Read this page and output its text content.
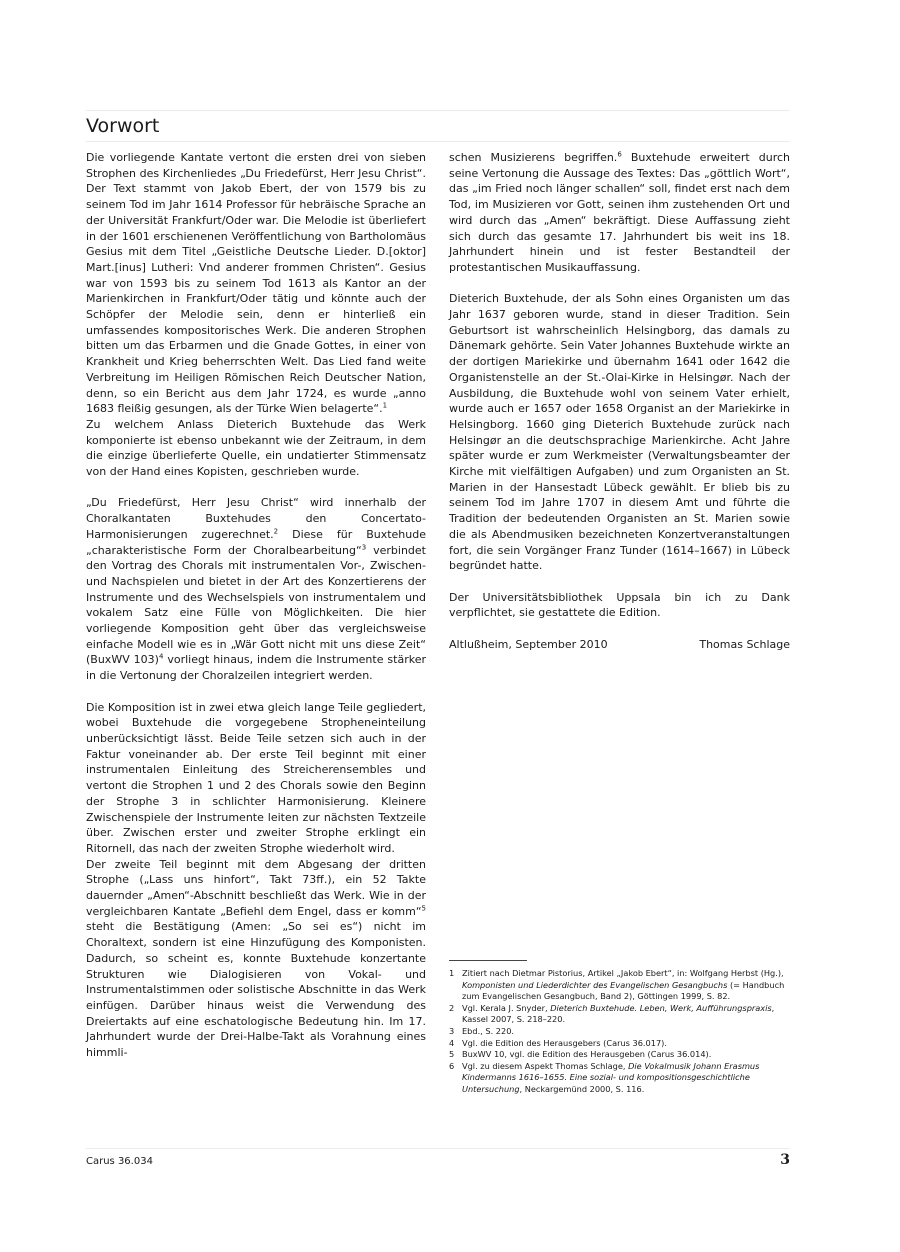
Vorwort

Die vorliegende Kantate vertont die ersten drei von sieben Strophen des Kirchenliedes „Du Friedefürst, Herr Jesu Christ“. Der Text stammt von Jakob Ebert, der von 1579 bis zu seinem Tod im Jahr 1614 Professor für hebräische Sprache an der Universität Frankfurt/Oder war. Die Melodie ist überliefert in der 1601 erschienenen Veröffentlichung von Bartholomäus Gesius mit dem Titel „Geistliche Deutsche Lieder. D.[oktor] Mart.[inus] Lutheri: Vnd anderer frommen Christen“. Gesius war von 1593 bis zu seinem Tod 1613 als Kantor an der Marienkirchen in Frankfurt/Oder tätig und könnte auch der Schöpfer der Melodie sein, denn er hinterließ ein umfassendes kompositorisches Werk. Die anderen Strophen bitten um das Erbarmen und die Gnade Gottes, in einer von Krankheit und Krieg beherrschten Welt. Das Lied fand weite Verbreitung im Heiligen Römischen Reich Deutscher Nation, denn, so ein Bericht aus dem Jahr 1724, es wurde „anno 1683 fleißig gesungen, als der Türke Wien belagerte“.$^1$

Zu welchem Anlass Dieterich Buxtehude das Werk komponierte ist ebenso unbekannt wie der Zeitraum, in dem die einzige überlieferte Quelle, ein undatierter Stimmensatz von der Hand eines Kopisten, geschrieben wurde.

„Du Friedefürst, Herr Jesu Christ“ wird innerhalb der Choralkantaten Buxtehudes den Concertato-Harmonisierungen zugerechnet.$^2$ Diese für Buxtehude „charakteristische Form der Choralbearbeitung“$^3$ verbindet den Vortrag des Chorals mit instrumentalen Vor-, Zwischen- und Nachspielen und bietet in der Art des Konzertierens der Instrumente und des Wechselspiels von instrumentalem und vokalem Satz eine Fülle von Möglichkeiten. Die hier vorliegende Komposition geht über das vergleichsweise einfache Modell wie es in „Wär Gott nicht mit uns diese Zeit“ (BuxWV 103)$^4$ vorliegt hinaus, indem die Instrumente stärker in die Vertonung der Choralzeilen integriert werden.

Die Komposition ist in zwei etwa gleich lange Teile gegliedert, wobei Buxtehude die vorgegebene Stropheneinteilung unberücksichtigt lässt. Beide Teile setzen sich auch in der Faktur voneinander ab. Der erste Teil beginnt mit einer instrumentalen Einleitung des Streicherensembles und vertont die Strophen 1 und 2 des Chorals sowie den Beginn der Strophe 3 in schlichter Harmonisierung. Kleinere Zwischenspiele der Instrumente leiten zur nächsten Textzeile über. Zwischen erster und zweiter Strophe erklingt ein Ritornell, das nach der zweiten Strophe wiederholt wird.

Der zweite Teil beginnt mit dem Abgesang der dritten Strophe („Lass uns hinfort“, Takt 73ff.), ein 52 Takte dauernder „Amen“-Abschnitt beschließt das Werk. Wie in der vergleichbaren Kantate „Befiehl dem Engel, dass er komm“$^5$ steht die Bestätigung (Amen: „So sei es“) nicht im Choraltext, sondern ist eine Hinzufügung des Komponisten. Dadurch, so scheint es, konnte Buxtehude konzertante Strukturen wie Dialogisieren von Vokal- und Instrumentalstimmen oder solistische Abschnitte in das Werk einfügen. Darüber hinaus weist die Verwendung des Dreiertakts auf eine eschatologische Bedeutung hin. Im 17. Jahrhundert wurde der Drei-Halbe-Takt als Vorahnung eines himmli-

schen Musizierens begriffen.$^6$ Buxtehude erweitert durch seine Vertonung die Aussage des Textes: Das „göttlich Wort“, das „im Fried noch länger schallen“ soll, findet erst nach dem Tod, im Musizieren vor Gott, seinen ihm zustehenden Ort und wird durch das „Amen“ bekräftigt. Diese Auffassung zieht sich durch das gesamte 17. Jahrhundert bis weit ins 18. Jahrhundert hinein und ist fester Bestandteil der protestantischen Musikauffassung.

Dieterich Buxtehude, der als Sohn eines Organisten um das Jahr 1637 geboren wurde, stand in dieser Tradition. Sein Geburtsort ist wahrscheinlich Helsingborg, das damals zu Dänemark gehörte. Sein Vater Johannes Buxtehude wirkte an der dortigen Mariekirke und übernahm 1641 oder 1642 die Organistenstelle an der St.-Olai-Kirke in Helsingør. Nach der Ausbildung, die Buxtehude wohl von seinem Vater erhielt, wurde auch er 1657 oder 1658 Organist an der Mariekirke in Helsingborg. 1660 ging Dieterich Buxtehude zurück nach Helsingør an die deutschsprachige Marienkirche. Acht Jahre später wurde er zum Werkmeister (Verwaltungsbeamter der Kirche mit vielfältigen Aufgaben) und zum Organisten an St. Marien in der Hansestadt Lübeck gewählt. Er blieb bis zu seinem Tod im Jahre 1707 in diesem Amt und führte die Tradition der bedeutenden Organisten an St. Marien sowie die als Abendmusiken bezeichneten Konzertveranstaltungen fort, die sein Vorgänger Franz Tunder (1614–1667) in Lübeck begründet hatte.

Der Universitätsbibliothek Uppsala bin ich zu Dank verpflichtet, sie gestattete die Edition.

Altlußheim, September 2010	Thomas Schlage

1 Zitiert nach Dietmar Pistorius, Artikel „Jakob Ebert“, in: Wolfgang Herbst (Hg.), Komponisten und Liederdichter des Evangelischen Gesangbuchs (= Handbuch zum Evangelischen Gesangbuch, Band 2), Göttingen 1999, S. 82.
2 Vgl. Kerala J. Snyder, Dieterich Buxtehude. Leben, Werk, Aufführungspraxis, Kassel 2007, S. 218–220.
3 Ebd., S. 220.
4 Vgl. die Edition des Herausgebers (Carus 36.017).
5 BuxWV 10, vgl. die Edition des Herausgeben (Carus 36.014).
6 Vgl. zu diesem Aspekt Thomas Schlage, Die Vokalmusik Johann Erasmus Kindermanns 1616–1655. Eine sozial- und kompositionsgeschichtliche Untersuchung, Neckargemünd 2000, S. 116.
Carus 36.034	3
